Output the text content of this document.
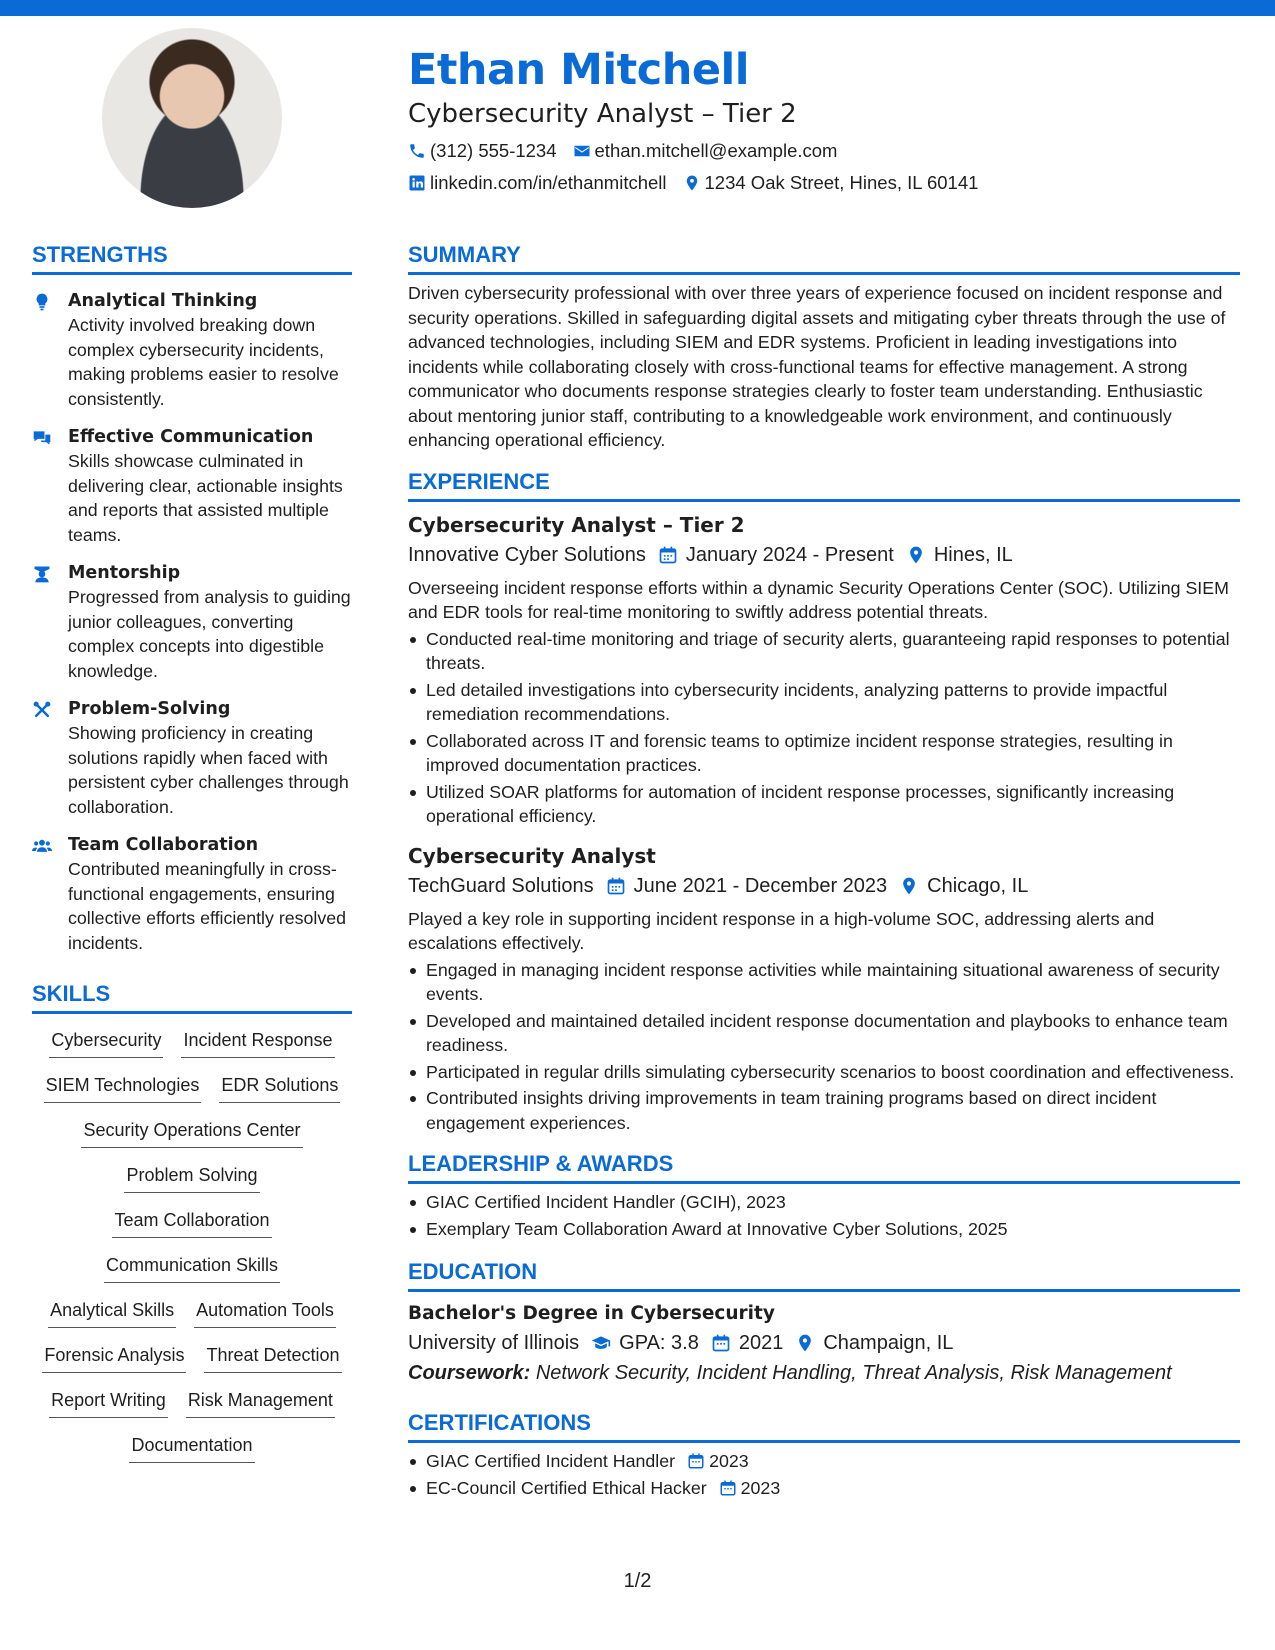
Ethan Mitchell
Cybersecurity Analyst – Tier 2
(312) 555-1234 ethan.mitchell@example.com
linkedin.com/in/ethanmitchell 1234 Oak Street, Hines, IL 60141
STRENGTHS
Analytical Thinking
Activity involved breaking down complex cybersecurity incidents, making problems easier to resolve consistently.
Effective Communication
Skills showcase culminated in delivering clear, actionable insights and reports that assisted multiple teams.
Mentorship
Progressed from analysis to guiding junior colleagues, converting complex concepts into digestible knowledge.
Problem-Solving
Showing proficiency in creating solutions rapidly when faced with persistent cyber challenges through collaboration.
Team Collaboration
Contributed meaningfully in cross-functional engagements, ensuring collective efforts efficiently resolved incidents.
SKILLS
Cybersecurity Incident Response
SIEM Technologies EDR Solutions
Security Operations Center
Problem Solving
Team Collaboration
Communication Skills
Analytical Skills Automation Tools
Forensic Analysis Threat Detection
Report Writing Risk Management
Documentation
SUMMARY
Driven cybersecurity professional with over three years of experience focused on incident response and security operations. Skilled in safeguarding digital assets and mitigating cyber threats through the use of advanced technologies, including SIEM and EDR systems. Proficient in leading investigations into incidents while collaborating closely with cross-functional teams for effective management. A strong communicator who documents response strategies clearly to foster team understanding. Enthusiastic about mentoring junior staff, contributing to a knowledgeable work environment, and continuously enhancing operational efficiency.
EXPERIENCE
Cybersecurity Analyst – Tier 2
Innovative Cyber Solutions January 2024 - Present Hines, IL
Overseeing incident response efforts within a dynamic Security Operations Center (SOC). Utilizing SIEM and EDR tools for real-time monitoring to swiftly address potential threats.
Conducted real-time monitoring and triage of security alerts, guaranteeing rapid responses to potential threats.
Led detailed investigations into cybersecurity incidents, analyzing patterns to provide impactful remediation recommendations.
Collaborated across IT and forensic teams to optimize incident response strategies, resulting in improved documentation practices.
Utilized SOAR platforms for automation of incident response processes, significantly increasing operational efficiency.
Cybersecurity Analyst
TechGuard Solutions June 2021 - December 2023 Chicago, IL
Played a key role in supporting incident response in a high-volume SOC, addressing alerts and escalations effectively.
Engaged in managing incident response activities while maintaining situational awareness of security events.
Developed and maintained detailed incident response documentation and playbooks to enhance team readiness.
Participated in regular drills simulating cybersecurity scenarios to boost coordination and effectiveness.
Contributed insights driving improvements in team training programs based on direct incident engagement experiences.
LEADERSHIP & AWARDS
GIAC Certified Incident Handler (GCIH), 2023
Exemplary Team Collaboration Award at Innovative Cyber Solutions, 2025
EDUCATION
Bachelor's Degree in Cybersecurity
University of Illinois GPA: 3.8 2021 Champaign, IL
Coursework: Network Security, Incident Handling, Threat Analysis, Risk Management
CERTIFICATIONS
GIAC Certified Incident Handler 2023
EC-Council Certified Ethical Hacker 2023
1/2
